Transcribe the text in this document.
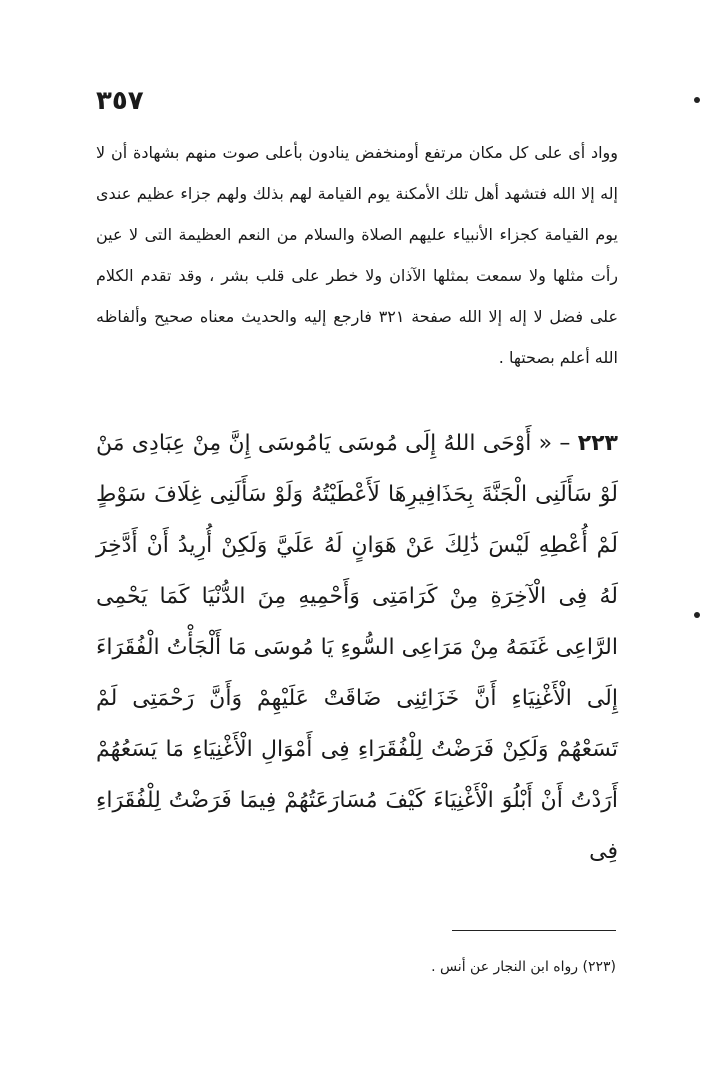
٣٥٧
وواد أى على كل مكان مرتفع أومنخفض ينادون بأعلى صوت منهم بشهادة أن لا إله إلا الله فتشهد أهل تلك الأمكنة يوم القيامة لهم بذلك ولهم جزاء عظيم عندى يوم القيامة كجزاء الأنبياء عليهم الصلاة والسلام من النعم العظيمة التى لا عين رأت مثلها ولا سمعت بمثلها الآذان ولا خطر على قلب بشر ، وقد تقدم الكلام على فضل لا إله إلا الله صفحة ٣٢١ فارجع إليه والحديث معناه صحيح وألفاظه الله أعلم بصحتها .
٢٢٣ – « أَوْحَى اللهُ إِلَى مُوسَى يَامُوسَى إِنَّ مِنْ عِبَادِى مَنْ لَوْ سَأَلَنِى الْجَنَّةَ بِحَذَافِيرِهَا لَأَعْطَيْتُهُ وَلَوْ سَأَلَنِى غِلَافَ سَوْطٍ لَمْ أُعْطِهِ لَيْسَ ذَٰلِكَ عَنْ هَوَانٍ لَهُ عَلَيَّ وَلَكِنْ أُرِيدُ أَنْ أَدَّخِرَ لَهُ فِى الْآخِرَةِ مِنْ كَرَامَتِى وَأَحْمِيهِ مِنَ الدُّنْيَا كَمَا يَحْمِى الرَّاعِى غَنَمَهُ مِنْ مَرَاعِى السُّوءِ يَا مُوسَى مَا أَلْجَأْتُ الْفُقَرَاءَ إِلَى الْأَغْنِيَاءِ أَنَّ خَزَائِنِى ضَاقَتْ عَلَيْهِمْ وَأَنَّ رَحْمَتِى لَمْ تَسَعْهُمْ وَلَكِنْ فَرَضْتُ لِلْفُقَرَاءِ فِى أَمْوَالِ الْأَغْنِيَاءِ مَا يَسَعُهُمْ أَرَدْتُ أَنْ أَبْلُوَ الْأَغْنِيَاءَ كَيْفَ مُسَارَعَتُهُمْ فِيمَا فَرَضْتُ لِلْفُقَرَاءِ فِى
(٢٢٣) رواه ابن النجار عن أنس .
